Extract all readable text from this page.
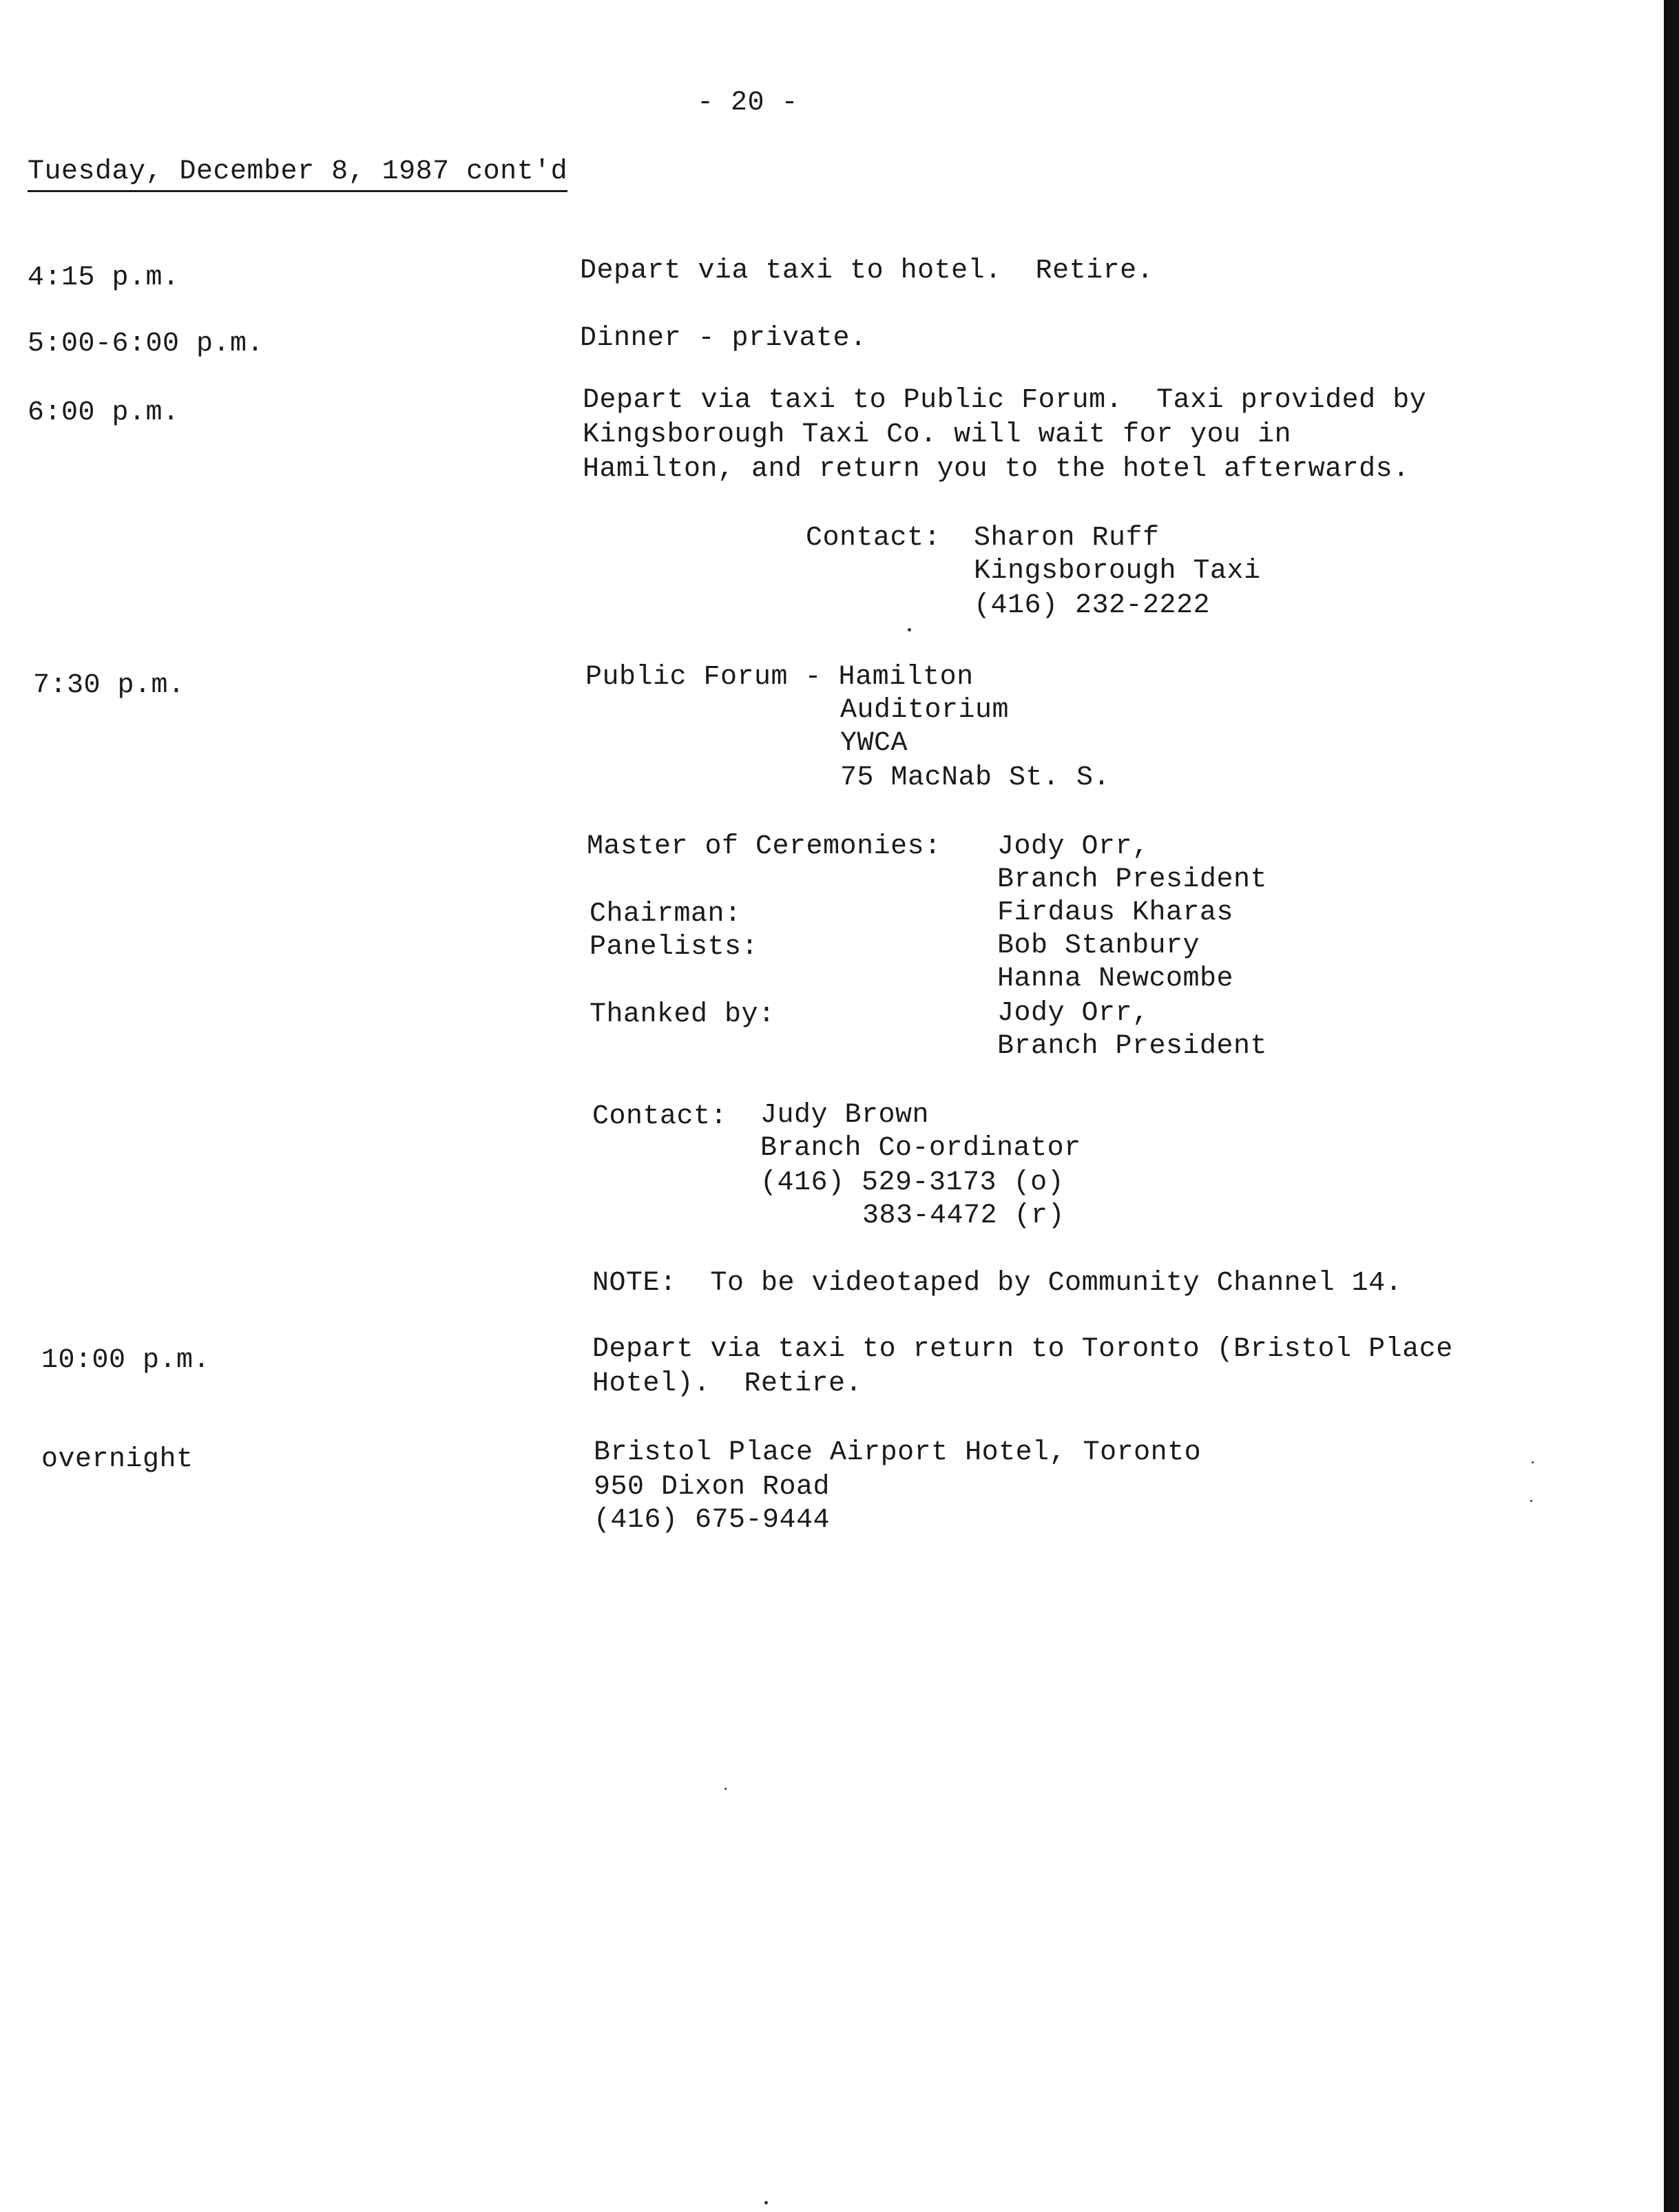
- 20 -
Tuesday, December 8, 1987 cont'd
4:15 p.m.	Depart via taxi to hotel.  Retire.
5:00-6:00 p.m.	Dinner - private.
6:00 p.m.	Depart via taxi to Public Forum.  Taxi provided by
Kingsborough Taxi Co. will wait for you in
Hamilton, and return you to the hotel afterwards.
Contact: Sharon Ruff
Kingsborough Taxi
(416) 232-2222
7:30 p.m.	Public Forum - Hamilton
Auditorium
YWCA
75 MacNab St. S.
Master of Ceremonies: Jody Orr,
Branch President
Chairman:	Firdaus Kharas
Panelists:	Bob Stanbury
Hanna Newcombe
Thanked by:	Jody Orr,
Branch President
Contact: Judy Brown
Branch Co-ordinator
(416) 529-3173 (o)
383-4472 (r)
NOTE:  To be videotaped by Community Channel 14.
10:00 p.m.	Depart via taxi to return to Toronto (Bristol Place
Hotel).  Retire.
overnight	Bristol Place Airport Hotel, Toronto
950 Dixon Road
(416) 675-9444
